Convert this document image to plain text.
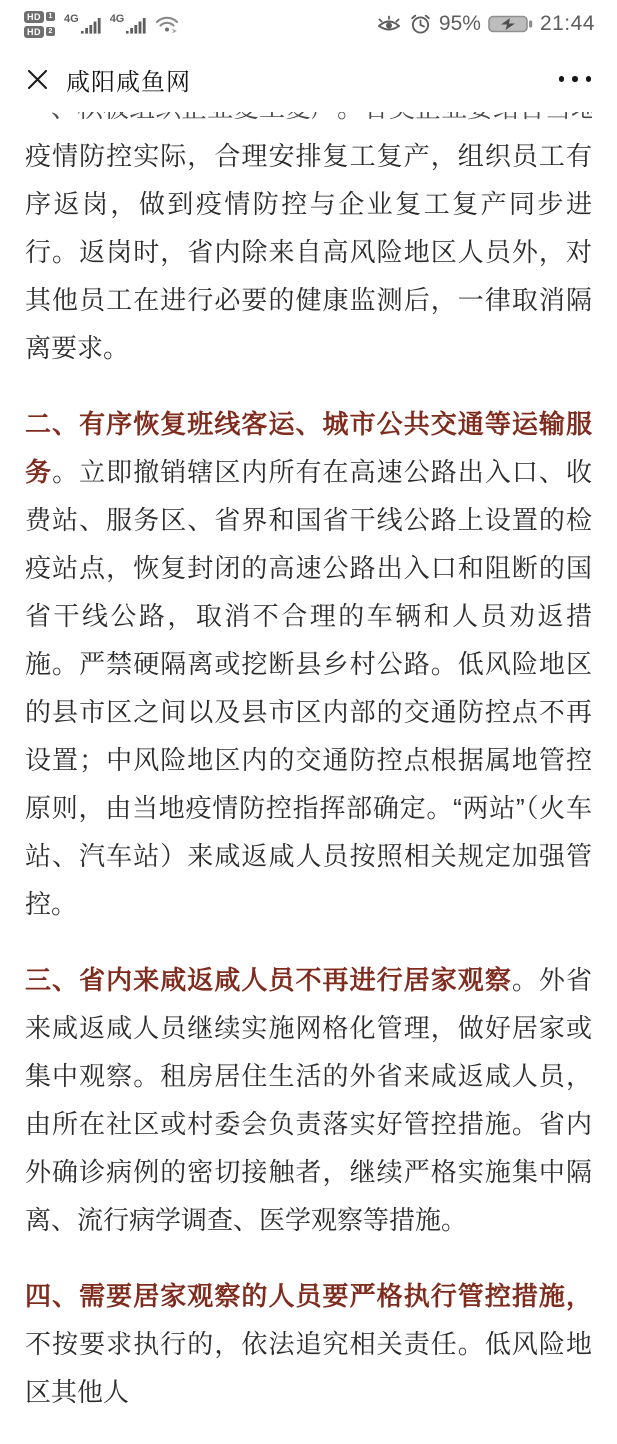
HD	1
HD	2
4G	4G	95%	21:44
咸阳咸鱼网

疫情防控实际，合理安排复工复产，组织员工有序返岗，做到疫情防控与企业复工复产同步进行。返岗时，省内除来自高风险地区人员外，对其他员工在进行必要的健康监测后，一律取消隔离要求。

二、有序恢复班线客运、城市公共交通等运输服务。立即撤销辖区内所有在高速公路出入口、收费站、服务区、省界和国省干线公路上设置的检疫站点，恢复封闭的高速公路出入口和阻断的国省干线公路，取消不合理的车辆和人员劝返措施。严禁硬隔离或挖断县乡村公路。低风险地区的县市区之间以及县市区内部的交通防控点不再设置；中风险地区内的交通防控点根据属地管控原则，由当地疫情防控指挥部确定。“两站”（火车站、汽车站）来咸返咸人员按照相关规定加强管控。

三、省内来咸返咸人员不再进行居家观察。外省来咸返咸人员继续实施网格化管理，做好居家或集中观察。租房居住生活的外省来咸返咸人员，由所在社区或村委会负责落实好管控措施。省内外确诊病例的密切接触者，继续严格实施集中隔离、流行病学调查、医学观察等措施。

四、需要居家观察的人员要严格执行管控措施，不按要求执行的，依法追究相关责任。低风险地区其他人
